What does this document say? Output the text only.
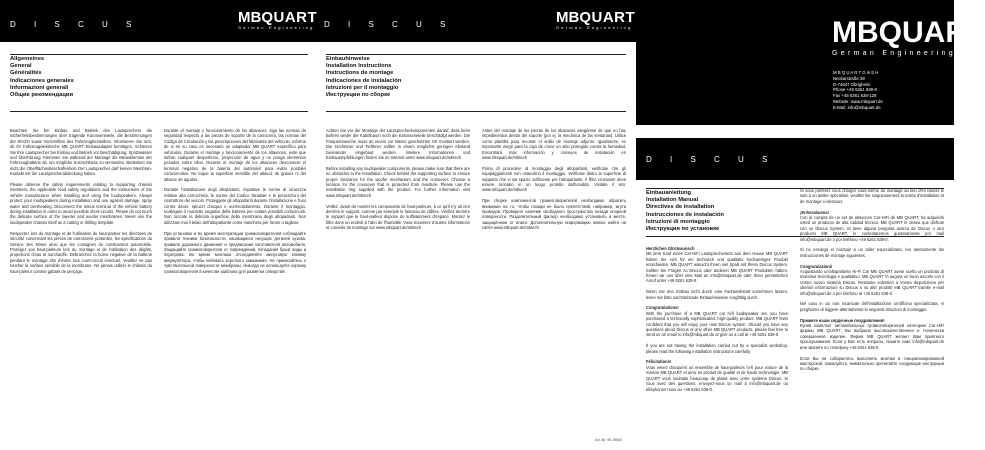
D I S C U S	MBQUART
German Engineering
Allgemeines
General
Généralités
Indicaciones generales
Informazioni generali
Общие рекомендации

Beachten Sie bei Einbau und Betrieb des Lautsprechers die Sicherheitsbestimmungen über tragende Karosserieteile, die Bestimmungen der StVZO sowie Vorschriften des Fahrzeugherstellers. Informieren Sie sich, ob Ihr Fahrzeugelektrische MB QUART Einbauadapter benötigen. Schützen Sie Ihre Lautsprecher bei Einbau und Betrieb vor Beschädigung, Spritzwasser und Überhitzung. Klemmen Sie während der Montage die Minusklemme der Fahrzeugbatterie ab, um mögliche Kurzschlüsse zu vermeiden. Bedenken Sie nicht die Oberflächenbeschaffenheit. Der Lautsprecher darf keinen Membran-Kontakt mit der Lautsprecherabdeckung haben.

Please observe the safety requirements relating to supporting chassis members, the applicable road safety regulations and the instructions of the vehicle manufacturer when installing and using the loudspeakers. Always protect your loudspeakers during installation and use against damage, spray water and overheating. Disconnect the minus terminal of the vehicle battery during installation in order to avoid possible short-circuits. Please do not touch the delicate surface of the tweeter and woofer membranes. Never use the loudspeaker chassis itself as a cutting or drilling template.

Respectez lors du montage et de l'utilisation du haut-parleur les directives de sécurité concernant les pièces de carrosserie portantes, les spécifications du Service des Mines ainsi que les consignes du constructeur automobile. Protégez vos haut-parleurs lors du montage et de l'utilisation des dégâts, projections d'eau et surchauffe. Débranchez la borne négative de la batterie pendant le montage afin d'éviter tout court-circuit éventuel. Veuillez ne pas toucher la surface sensible de la membrane. Ne jamais utiliser le châssis du haut-parleur comme gabarit de perçage.

Durante el montaje y funcionamiento de los altavoces, siga las normas de seguridad respecto a las piezas de soporte de la carrocería, las normas del Código de Circulación y las prescripciones del fabricante del vehículo. Informe de si en su caso es necesario un adaptador MB QUART específico para vehículos. Durante el montaje y funcionamiento de los altavoces, evite que sufran cualquier desperfecto, proyección de agua y no ponga elementos pesados sobre ellos. Durante el montaje de los altavoces desconecte el terminal negativo de la batería del automóvil para evitar posibles cortocircuitos. No toque la superficie sensible del altavoz de graves ni del altavoz de agudos.

Durante l'installazione degli altoparlanti, rispettare le norme di sicurezza relative alla carrozzeria, le norme del Codice Stradale e le prescrizioni del costruttore del veicolo. Proteggete gli altoparlanti durante l'installazione e l'uso contro danni, spruzzi d'acqua e surriscaldamento. Durante il montaggio, scollegare il morsetto negativo della batteria per evitare possibili cortocircuiti. Non toccate la delicata superficie della membrana degli altoparlanti. Non utilizzate mai il telaio dell'altoparlante come maschera per forare o tagliare.

При установке и во время эксплуатации громкоговорителей соблюдайте правила техники безопасности, касающиеся несущих деталей кузова, правила дорожного движения и предписания изготовителя автомобиля. Защищайте громкоговорители от повреждений, попадания брызг воды и перегрева. Во время монтажа отсоединяйте минусовую клемму аккумулятора, чтобы избежать короткого замыкания. Не прикасайтесь к чувствительной поверхности мембраны. Никогда не используйте корзину громкоговорителя в качестве шаблона для разметки отверстий.

D I S C U S	MBQUART
German Engineering
Einbauhinweise
Installation Instructions
Instructions de montage
Indicaciones de instalación
Istruzioni per il montaggio
Инструкции по сборке

Achten Sie vor der Montage der Lautsprecherkomponenten darauf, dass beim Bohren weder der Kabelbaum noch die Karosserieteile beschädigt werden. Die Frequenzweiche muss an einem vor Nässe geschützten Ort montiert werden. Die Hochtöner und Tieftöner sollten in einem möglichst geringen Abstand zueinander eingebaut werden. Weitere Informationen und Einbauempfehlungen finden Sie im Internet unter www.mbquart.de/mbtech

Before installing any loudspeaker components, please make sure that there are no obstacles to the installation. Check behind the supporting surface to ensure proper clearance for the woofer mechanism and the crossover. Choose a location for the crossover that is protected from moisture. Please use the installation ring supplied with the product. For further information visit www.mbquart.de/mbtech

Veillez, avant de monter les composants de haut-parleurs, à ce qu'il n'y ait rien derrière le support, comme par exemple le faisceau de câbles. Vérifiez derrière le support que le haut-parleur dispose de suffisamment d'espace. Montez le filtre dans un endroit à l'abri de l'humidité. Vous trouverez d'autres informations et conseils de montage sur www.mbquart.de/mbtech

Antes del montaje de las piezas de los altavoces asegúrese de que no hay impedimentos detrás del soporte (por ej. la mecánica de las ventanas). Utilice como plantilla para recortar el anillo de montaje adjunto. Igualmente, es importante elegir para la caja de cruce un sitio protegido contra la humedad. Encontrará más información y consejos de instalación en www.mbquart.de/mbtech

Prima di procedere al montaggio degli altoparlanti, verificate che gli equipaggiamenti non ostacolino il montaggio. Verificate dietro la superficie di supporto che vi sia spazio sufficiente per l'altoparlante. Il filtro crossover deve essere montato in un luogo protetto dall'umidità. Visitate il sito: www.mbquart.de/mbtech

При сборке компонентов громкоговорителей необходимо обратить внимание на то, чтобы позади не было препятствий, например, жгута проводов. Проверьте наличие свободного пространства позади опорной поверхности. Разделительный фильтр необходимо установить в месте, защищённом от влаги. Дополнительную информацию можно найти на сайте www.mbquart.de/mbtech

Art.-Nr. 90-75600
MBQUART
German Engineering
M B Q U A R T G m b H
Neckarstraße 39
D-74847 Obrigheim
Phone +49 6261 638-0
Fax +49 6261 638-129
Website: www.mbquart.de
E-Mail: info@mbquart.de
D I S C U S
Einbauanleitung
Installation Manual
Directives de installation
Instrucciones de instalación
Istruzioni di montaggio
Инструкция по установке

Herzlichen Glückwunsch
Mit dem Kauf eines Car-HiFi Lautsprechersets aus dem Hause MB QUART haben Sie sich für ein technisch und qualitativ hochwertiges Produkt entschieden. MB QUART wünscht Ihnen viel Spaß mit Ihrem Discus System. Sollten Sie Fragen zu Discus oder anderen MB QUART Produkten haben, freuen wir uns über eine Mail an info@mbquart.de oder Ihren persönlichen Anruf unter +49 6261 638-0.

Wenn Sie den Einbau nicht durch eine Fachwerkstatt vornehmen lassen, lesen Sie bitte nachstehende Einbauhinweise sorgfältig durch.

Congratulations!
With the purchase of a MB QUART car hi-fi loudspeaker set, you have purchased a technically sophisticated, high-quality product. MB QUART feels confident that you will enjoy your new Discus system. Should you have any questions about Discus or any other MB QUART products, please feel free to send us an email to info@mbquart.de or give us a call at +49 6261 638-0.

If you are not having the installation carried out by a specialist workshop, please read the following installation instructions carefully.

Félicitations!
Vous venez d'acquérir un ensemble de haut-parleurs hi-fi pour voiture de la maison MB QUART et ainsi un produit de qualité et de haute technologie. MB QUART vous souhaite beaucoup de plaisir avec votre système Discus. Si vous avez des questions, envoyez-nous un mail à info@mbquart.de ou téléphonez-nous au +49 6261 638-0.

Si vous préférez vous charger vous-même du montage au lieu d'en laisser le soin à un atelier spécialisé, veuillez lire soigneusement la notice d'installation et de montage ci-dessous.

¡Enhorabuena!
Con la compra de un set de altavoces Car-HiFi de MB QUART, ha adquirido usted un producto de alta calidad técnica. MB QUART le desea que disfrute con su Discus System. Si tiene alguna pregunta acerca de Discus o otro producto MB QUART, le contestaremos gustosamente por mail info@mbquart.de o por teléfono +49 6261 638-0.

Si no encarga el montaje a un taller especializado, lea atentamente las instrucciones de montaje siguientes.

Congratulazioni!
Acquistando un'altoparlante Hi-Fi Car MB QUART avete scelto un prodotto di massima tecnologia e qualitativo. MB QUART Vi augura un buon ascolto con il Vostro nuovo sistema Discus. Restiamo volentieri a Vostra disposizione per ulteriori informazioni su Discus o su altri prodotti MB QUART tramite e-mail info@mbquart.de o per telefono al +49 6261 638-0.

Nel caso in cui non incaricate dell'installazione un'officina specializzata, vi preghiamo di leggere attentamente le seguenti istruzioni di montaggio.

Примите наши сердечные поздравления!
Купив комплект автомобильных громкоговорителей категории Car-HiFi фирмы MB QUART, Вы выбрали высококачественное и технически совершенное изделие. Фирма MB QUART желает Вам приятного прослушивания. Если у Вас есть вопросы, пишите нам: info@mbquart.de или звоните по телефону +49 6261 638-0.

Если Вы не собираетесь выполнять монтаж в специализированной мастерской, пожалуйста, внимательно прочитайте следующие инструкции по сборке.
